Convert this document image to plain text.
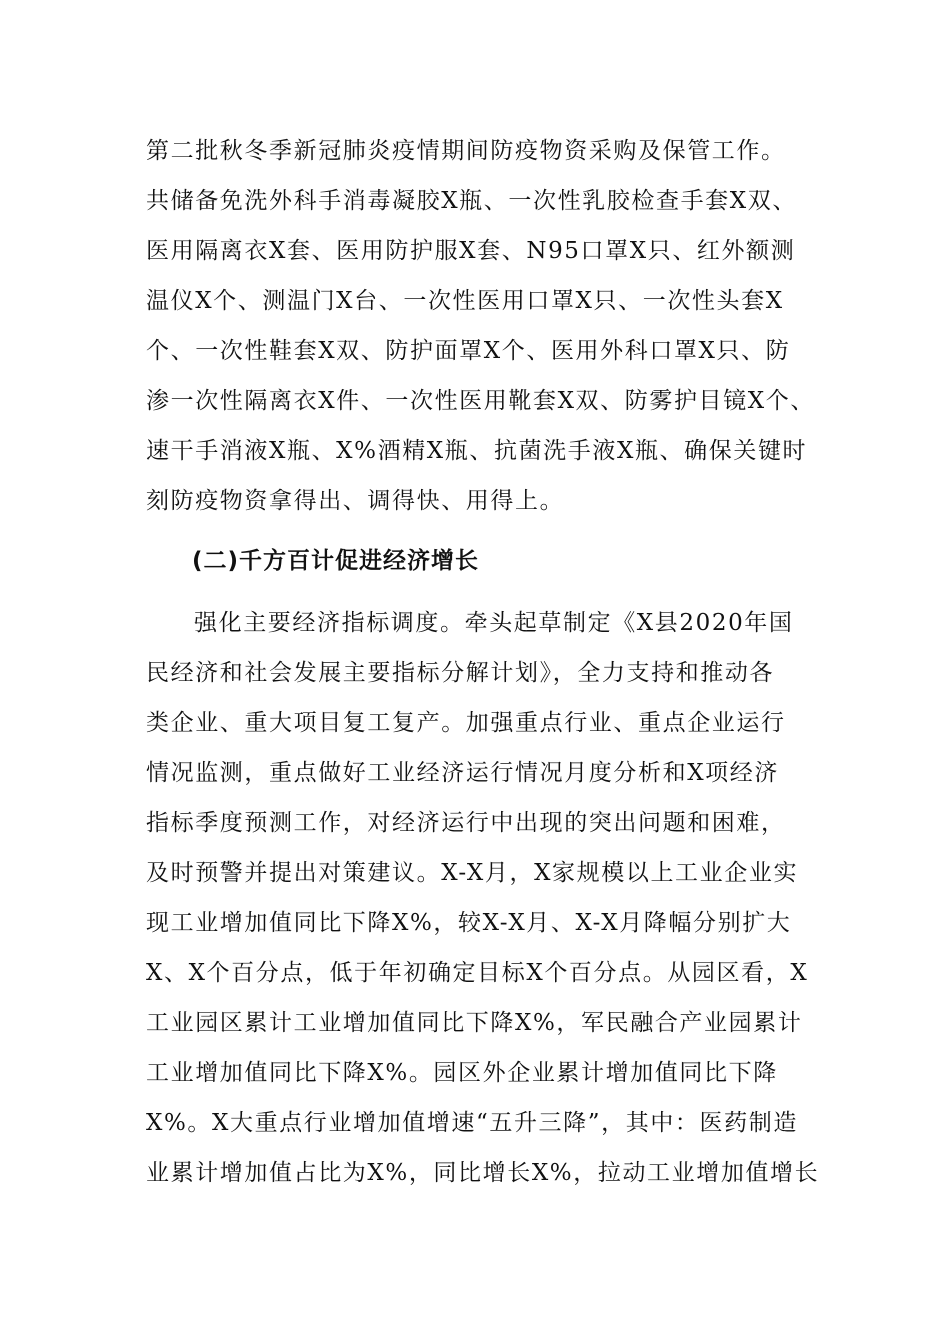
第二批秋冬季新冠肺炎疫情期间防疫物资采购及保管工作。
共储备免洗外科手消毒凝胶X瓶、一次性乳胶检查手套X双、
医用隔离衣X套、医用防护服X套、N95口罩X只、红外额测
温仪X个、测温门X台、一次性医用口罩X只、一次性头套X
个、一次性鞋套X双、防护面罩X个、医用外科口罩X只、防
渗一次性隔离衣X件、一次性医用靴套X双、防雾护目镜X个、
速干手消液X瓶、X%酒精X瓶、抗菌洗手液X瓶、确保关键时
刻防疫物资拿得出、调得快、用得上。
(二)千方百计促进经济增长
强化主要经济指标调度。牵头起草制定《X县2020年国
民经济和社会发展主要指标分解计划》，全力支持和推动各
类企业、重大项目复工复产。加强重点行业、重点企业运行
情况监测，重点做好工业经济运行情况月度分析和X项经济
指标季度预测工作，对经济运行中出现的突出问题和困难，
及时预警并提出对策建议。X-X月，X家规模以上工业企业实
现工业增加值同比下降X%，较X-X月、X-X月降幅分别扩大
X、X个百分点，低于年初确定目标X个百分点。从园区看，X
工业园区累计工业增加值同比下降X%，军民融合产业园累计
工业增加值同比下降X%。园区外企业累计增加值同比下降
X%。X大重点行业增加值增速“五升三降”，其中：医药制造
业累计增加值占比为X%，同比增长X%，拉动工业增加值增长
